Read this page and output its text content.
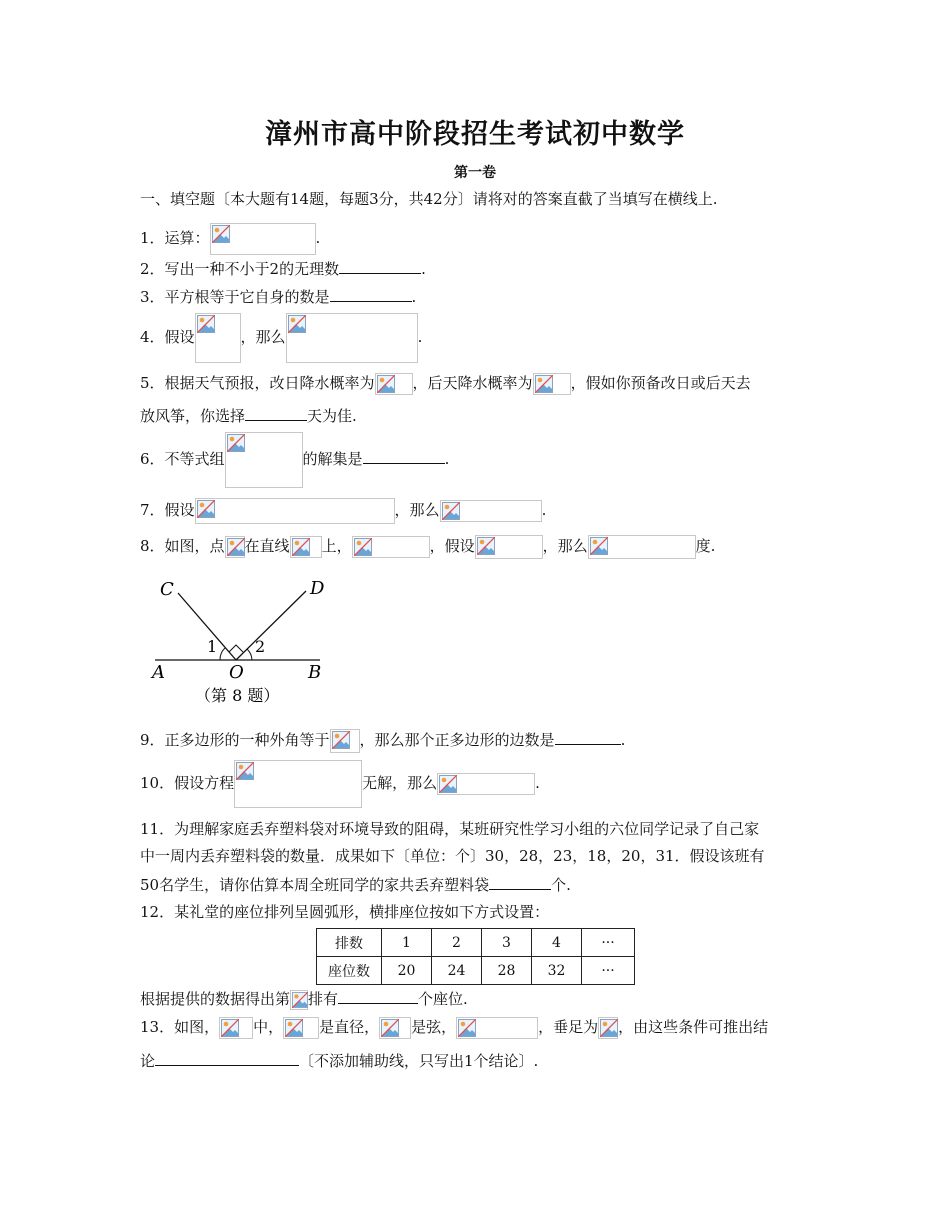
漳州市高中阶段招生考试初中数学
第一卷
一、填空题〔本大题有14题，每题3分，共42分〕请将对的答案直截了当填写在横线上.
1．运算：	.
2．写出一种不小于2的无理数	.
3．平方根等于它自身的数是	.
4．假设	，那么	.
5．根据天气预报，改日降水概率为	，后天降水概率为	，假如你预备改日或后天去
放风筝，你选择	天为佳.
6．不等式组	的解集是	.
7．假设	，那么	.
8．如图，点 在直线 上，	，假设	，那么	度.
C	D
1 2
A	O	B
（第 8 题）
9．正多边形的一种外角等于 ，那么那个正多边形的边数是	.
10．假设方程	无解，那么	.
11．为理解家庭丢弃塑料袋对环境导致的阻碍，某班研究性学习小组的六位同学记录了自己家
中一周内丢弃塑料袋的数量．成果如下〔单位：个〕30，28，23，18，20，31．假设该班有
50名学生，请你估算本周全班同学的家共丢弃塑料袋	个.
12．某礼堂的座位排列呈圆弧形，横排座位按如下方式设置：
排数	1	2	3	4	···
座位数	20	24	28	32	···
根据提供的数据得出第 排有	个座位.
13．如图， 中， 是直径， 是弦，	，垂足为 ，由这些条件可推出结
论	〔不添加辅助线，只写出1个结论〕.
